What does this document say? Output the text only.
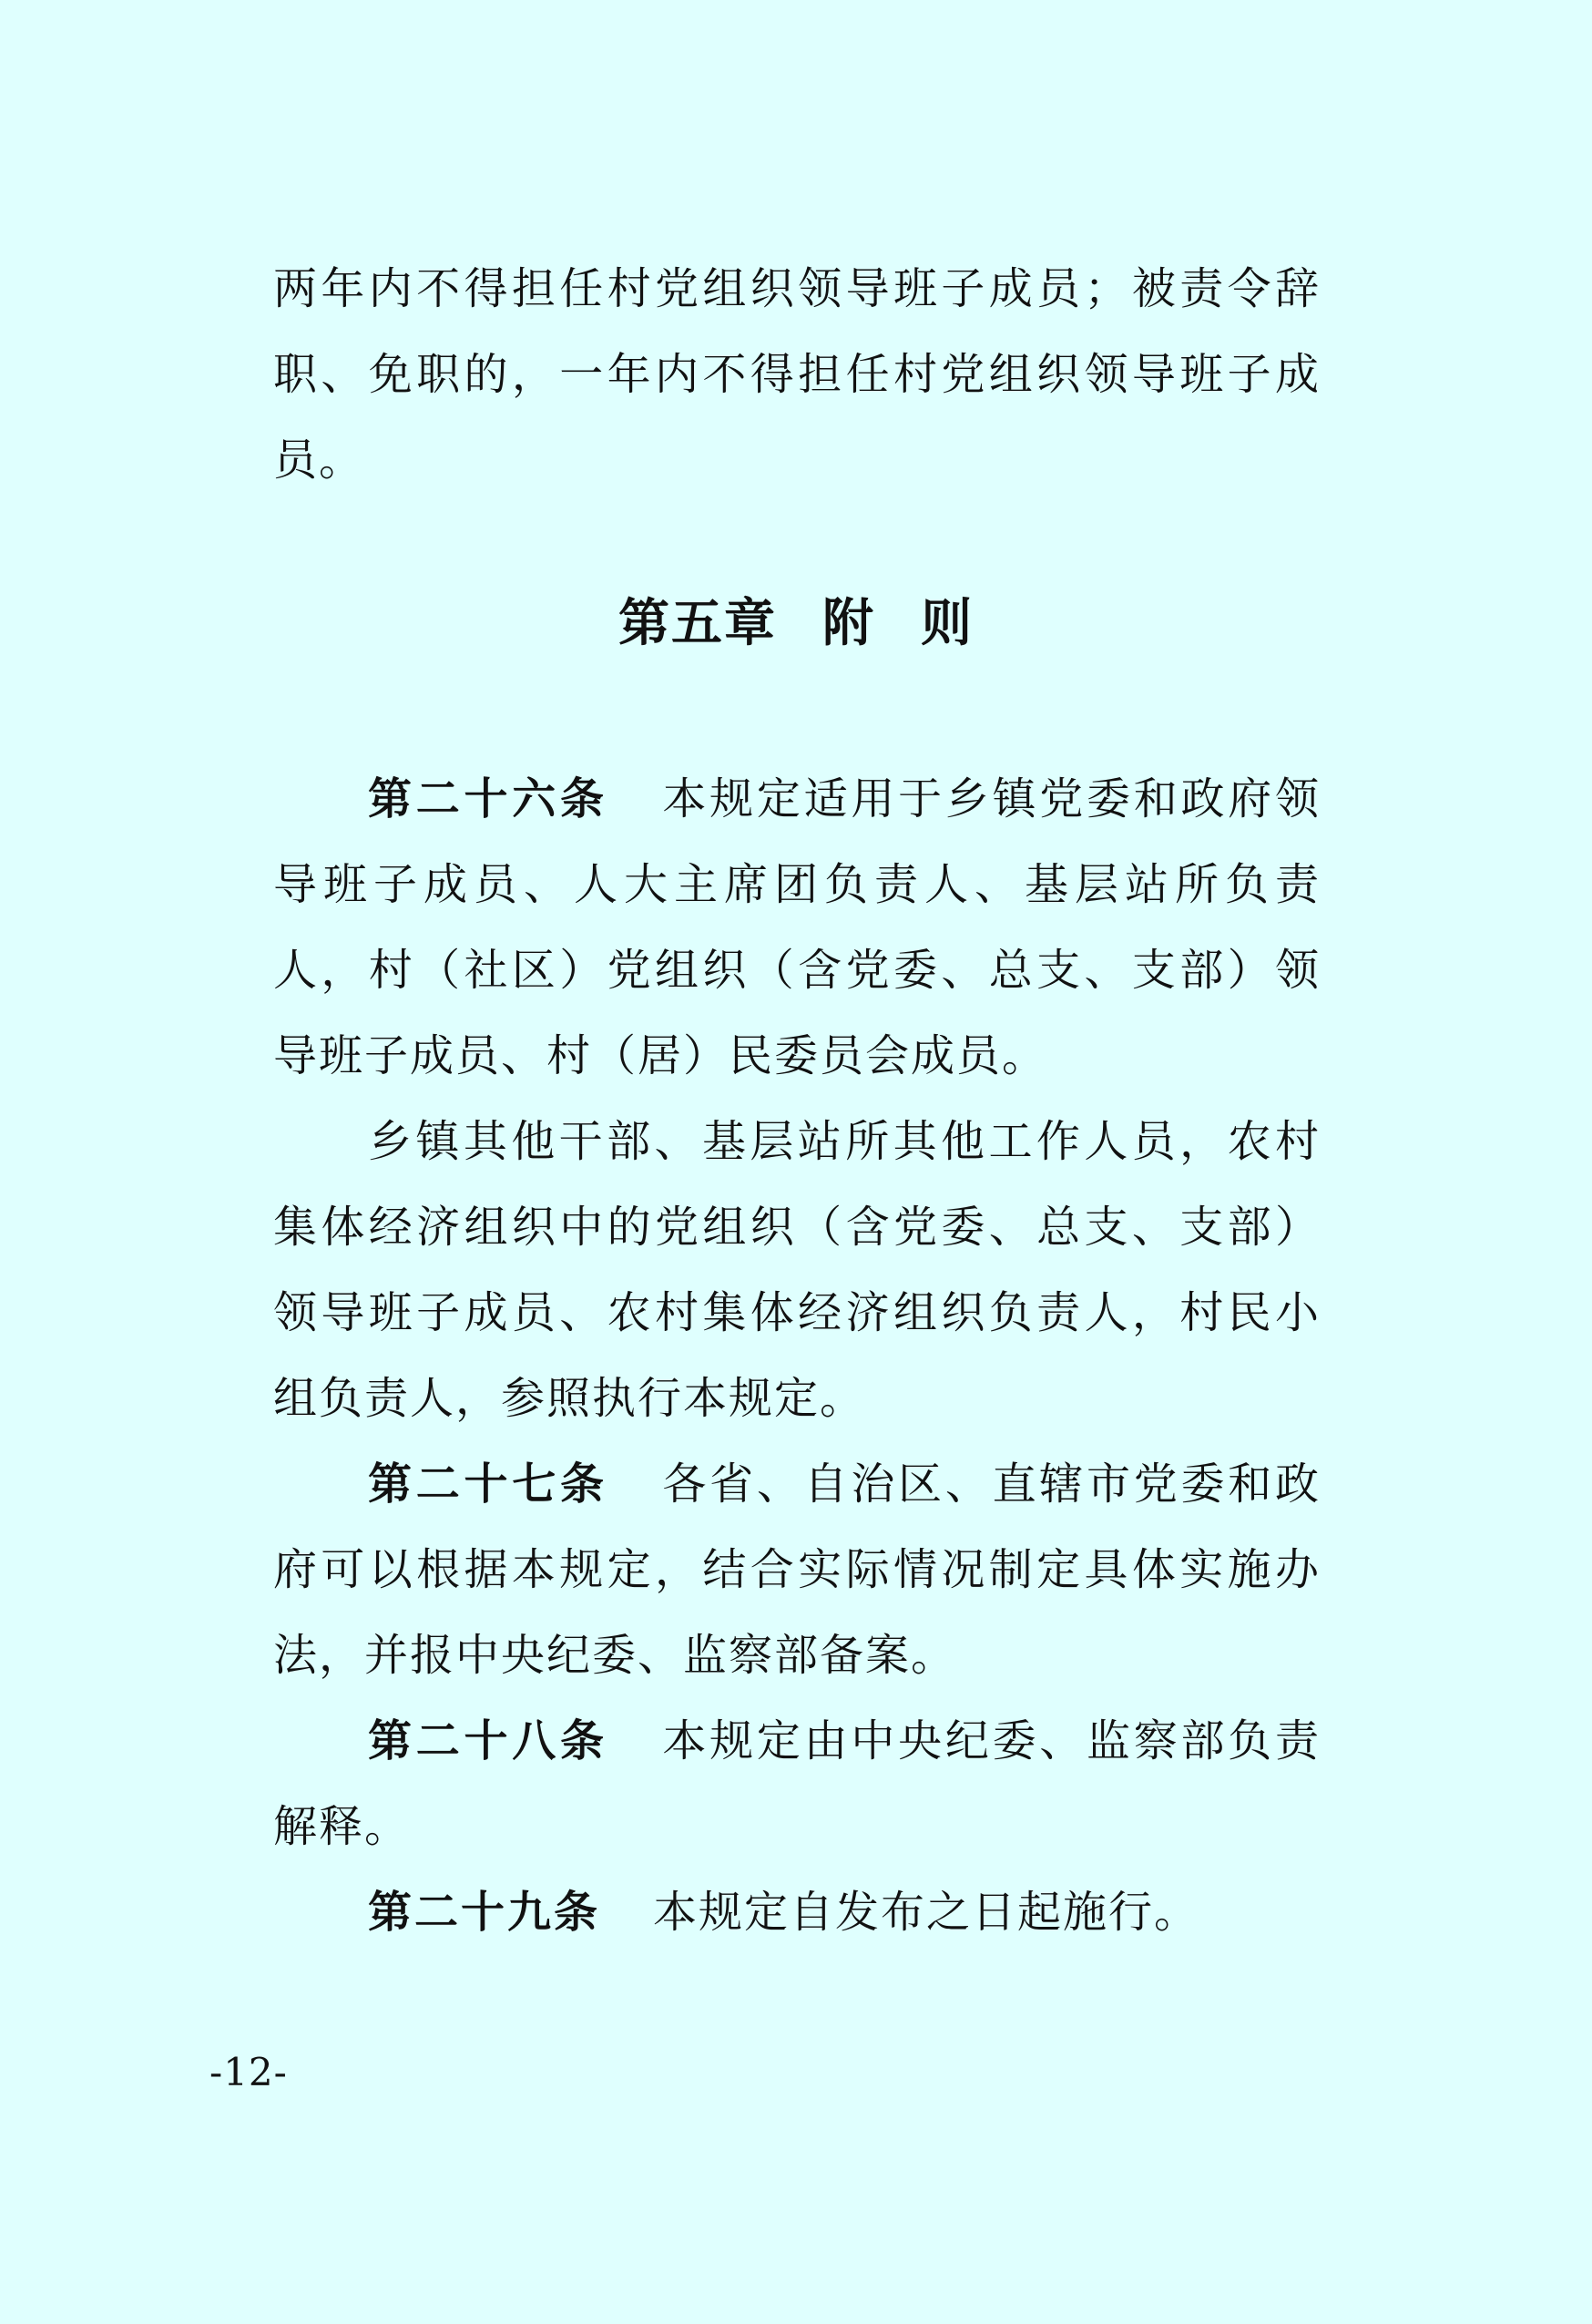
两年内不得担任村党组织领导班子成员；被责令辞
职、免职的，一年内不得担任村党组织领导班子成
员。
第五章 附 则
第二十六条 本规定适用于乡镇党委和政府领
导班子成员、人大主席团负责人、基层站所负责
人，村（社区）党组织（含党委、总支、支部）领
导班子成员、村（居）民委员会成员。
乡镇其他干部、基层站所其他工作人员，农村
集体经济组织中的党组织（含党委、总支、支部）
领导班子成员、农村集体经济组织负责人，村民小
组负责人，参照执行本规定。
第二十七条 各省、自治区、直辖市党委和政
府可以根据本规定，结合实际情况制定具体实施办
法，并报中央纪委、监察部备案。
第二十八条 本规定由中央纪委、监察部负责
解释。
第二十九条 本规定自发布之日起施行。
-12-
